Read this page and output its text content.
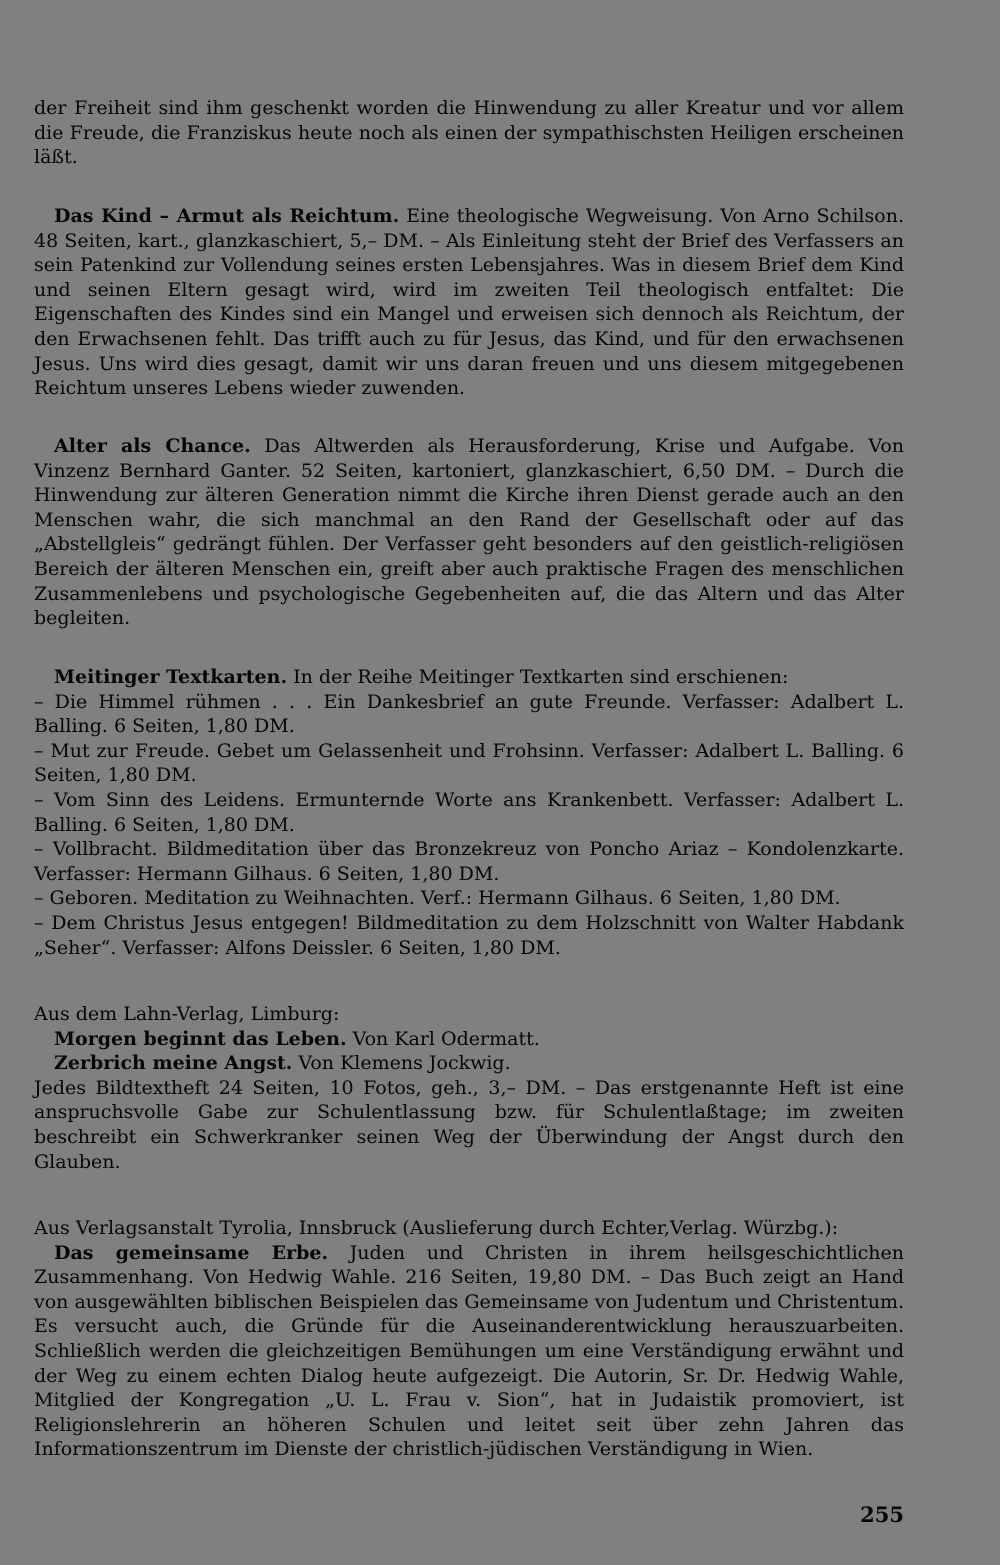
der Freiheit sind ihm geschenkt worden die Hinwendung zu aller Kreatur und vor allem die Freude, die Franziskus heute noch als einen der sympathischsten Heiligen erscheinen läßt.

Das Kind – Armut als Reichtum. Eine theologische Wegweisung. Von Arno Schilson. 48 Seiten, kart., glanzkaschiert, 5,– DM. – Als Einleitung steht der Brief des Verfassers an sein Patenkind zur Vollendung seines ersten Lebensjahres. Was in diesem Brief dem Kind und seinen Eltern gesagt wird, wird im zweiten Teil theologisch entfaltet: Die Eigenschaften des Kindes sind ein Mangel und erweisen sich dennoch als Reichtum, der den Erwachsenen fehlt. Das trifft auch zu für Jesus, das Kind, und für den erwachsenen Jesus. Uns wird dies gesagt, damit wir uns daran freuen und uns diesem mitgegebenen Reichtum unseres Lebens wieder zuwenden.

Alter als Chance. Das Altwerden als Herausforderung, Krise und Aufgabe. Von Vinzenz Bernhard Ganter. 52 Seiten, kartoniert, glanzkaschiert, 6,50 DM. – Durch die Hinwendung zur älteren Generation nimmt die Kirche ihren Dienst gerade auch an den Menschen wahr, die sich manchmal an den Rand der Gesellschaft oder auf das „Abstellgleis“ gedrängt fühlen. Der Verfasser geht besonders auf den geistlich-religiösen Bereich der älteren Menschen ein, greift aber auch praktische Fragen des menschlichen Zusammenlebens und psychologische Gegebenheiten auf, die das Altern und das Alter begleiten.

Meitinger Textkarten. In der Reihe Meitinger Textkarten sind erschienen:
– Die Himmel rühmen . . . Ein Dankesbrief an gute Freunde. Verfasser: Adalbert L. Balling. 6 Seiten, 1,80 DM.
– Mut zur Freude. Gebet um Gelassenheit und Frohsinn. Verfasser: Adalbert L. Balling. 6 Seiten, 1,80 DM.
– Vom Sinn des Leidens. Ermunternde Worte ans Krankenbett. Verfasser: Adalbert L. Balling. 6 Seiten, 1,80 DM.
– Vollbracht. Bildmeditation über das Bronzekreuz von Poncho Ariaz – Kondolenzkarte. Verfasser: Hermann Gilhaus. 6 Seiten, 1,80 DM.
– Geboren. Meditation zu Weihnachten. Verf.: Hermann Gilhaus. 6 Seiten, 1,80 DM.
– Dem Christus Jesus entgegen! Bildmeditation zu dem Holzschnitt von Walter Habdank „Seher“. Verfasser: Alfons Deissler. 6 Seiten, 1,80 DM.
Aus dem Lahn-Verlag, Limburg:
Morgen beginnt das Leben. Von Karl Odermatt.
Zerbrich meine Angst. Von Klemens Jockwig.
Jedes Bildtextheft 24 Seiten, 10 Fotos, geh., 3,– DM. – Das erstgenannte Heft ist eine anspruchsvolle Gabe zur Schulentlassung bzw. für Schulentlaßtage; im zweiten beschreibt ein Schwerkranker seinen Weg der Überwindung der Angst durch den Glauben.
Aus Verlagsanstalt Tyrolia, Innsbruck (Auslieferung durch Echter,Verlag. Würzbg.):
Das gemeinsame Erbe. Juden und Christen in ihrem heilsgeschichtlichen Zusammenhang. Von Hedwig Wahle. 216 Seiten, 19,80 DM. – Das Buch zeigt an Hand von ausgewählten biblischen Beispielen das Gemeinsame von Judentum und Christentum. Es versucht auch, die Gründe für die Auseinanderentwicklung herauszuarbeiten. Schließlich werden die gleichzeitigen Bemühungen um eine Verständigung erwähnt und der Weg zu einem echten Dialog heute aufgezeigt. Die Autorin, Sr. Dr. Hedwig Wahle, Mitglied der Kongregation „U. L. Frau v. Sion“, hat in Judaistik promoviert, ist Religionslehrerin an höheren Schulen und leitet seit über zehn Jahren das Informationszentrum im Dienste der christlich-jüdischen Verständigung in Wien.
255
